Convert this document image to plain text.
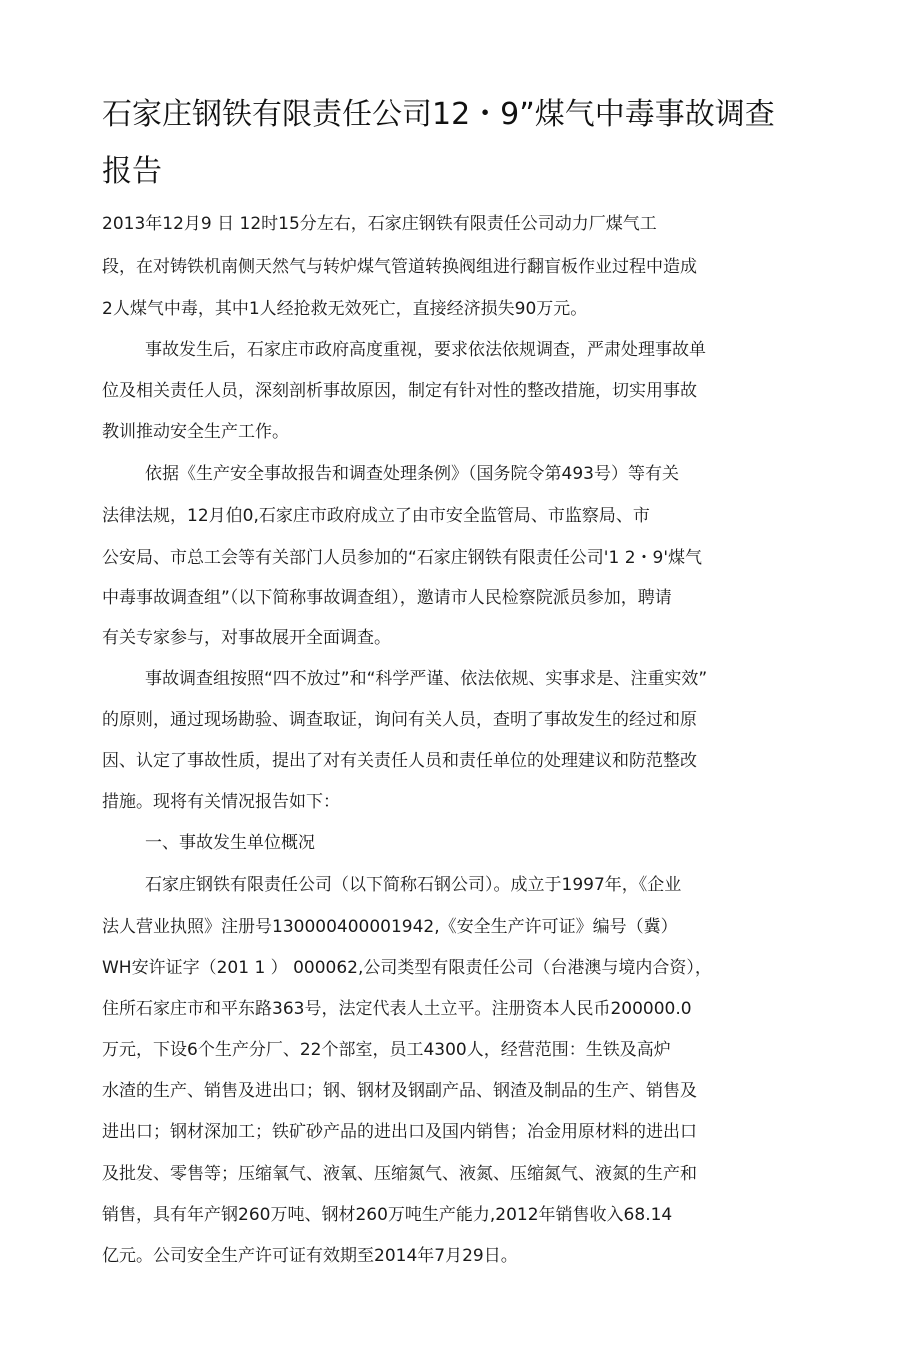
石家庄钢铁有限责任公司12・9”煤气中毒事故调查
报告
2013年12月9 日 12时15分左右，石家庄钢铁有限责任公司动力厂煤气工
段，在对铸铁机南侧天然气与转炉煤气管道转换阀组进行翻盲板作业过程中造成
2人煤气中毒，其中1人经抢救无效死亡，直接经济损失90万元。
事故发生后，石家庄市政府高度重视，要求依法依规调查，严肃处理事故单
位及相关责任人员，深刻剖析事故原因，制定有针对性的整改措施，切实用事故
教训推动安全生产工作。
依据《生产安全事故报告和调查处理条例》（国务院令第493号）等有关
法律法规，12月伯0,石家庄市政府成立了由市安全监管局、市监察局、市
公安局、市总工会等有关部门人员参加的“石家庄钢铁有限责任公司'1 2・9'煤气
中毒事故调查组”（以下简称事故调查组），邀请市人民检察院派员参加，聘请
有关专家参与，对事故展开全面调查。
事故调查组按照“四不放过”和“科学严谨、依法依规、实事求是、注重实效”
的原则，通过现场勘验、调查取证，询问有关人员，查明了事故发生的经过和原
因、认定了事故性质，提出了对有关责任人员和责任单位的处理建议和防范整改
措施。现将有关情况报告如下：
一、事故发生单位概况
石家庄钢铁有限责任公司（以下简称石钢公司）。成立于1997年，《企业
法人营业执照》注册号130000400001942,《安全生产许可证》编号（冀）
WH安许证字（201 1 ） 000062,公司类型有限责任公司（台港澳与境内合资），
住所石家庄市和平东路363号，法定代表人土立平。注册资本人民币200000.0
万元，下设6个生产分厂、22个部室，员工4300人，经营范围：生铁及高炉
水渣的生产、销售及进出口；钢、钢材及钢副产品、钢渣及制品的生产、销售及
进出口；钢材深加工；铁矿砂产品的进出口及国内销售；冶金用原材料的进出口
及批发、零售等；压缩氧气、液氧、压缩氮气、液氮、压缩氮气、液氮的生产和
销售，具有年产钢260万吨、钢材260万吨生产能力,2012年销售收入68.14
亿元。公司安全生产许可证有效期至2014年7月29日。
